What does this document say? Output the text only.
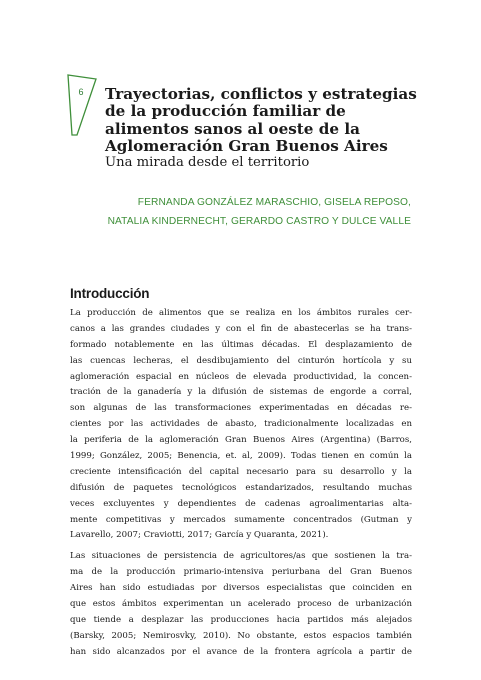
6 Trayectorias, conflictos y estrategias
de la producción familiar de
alimentos sanos al oeste de la
Aglomeración Gran Buenos Aires
Una mirada desde el territorio
FERNANDA GONZÁLEZ MARASCHIO, GISELA REPOSO,
NATALIA KINDERNECHT, GERARDO CASTRO Y DULCE VALLE
Introducción

La producción de alimentos que se realiza en los ámbitos rurales cer-
canos a las grandes ciudades y con el fin de abastecerlas se ha trans-
formado notablemente en las últimas décadas. El desplazamiento de
las cuencas lecheras, el desdibujamiento del cinturón hortícola y su
aglomeración espacial en núcleos de elevada productividad, la concen-
tración de la ganadería y la difusión de sistemas de engorde a corral,
son algunas de las transformaciones experimentadas en décadas re-
cientes por las actividades de abasto, tradicionalmente localizadas en
la periferia de la aglomeración Gran Buenos Aires (Argentina) (Barros,
1999; González, 2005; Benencia, et. al, 2009). Todas tienen en común la
creciente intensificación del capital necesario para su desarrollo y la
difusión de paquetes tecnológicos estandarizados, resultando muchas
veces excluyentes y dependientes de cadenas agroalimentarias alta-
mente competitivas y mercados sumamente concentrados (Gutman y
Lavarello, 2007; Craviotti, 2017; García y Quaranta, 2021).

Las situaciones de persistencia de agricultores/as que sostienen la tra-
ma de la producción primario-intensiva periurbana del Gran Buenos
Aires han sido estudiadas por diversos especialistas que coinciden en
que estos ámbitos experimentan un acelerado proceso de urbanización
que tiende a desplazar las producciones hacia partidos más alejados
(Barsky, 2005; Nemirosvky, 2010). No obstante, estos espacios también
han sido alcanzados por el avance de la frontera agrícola a partir de
